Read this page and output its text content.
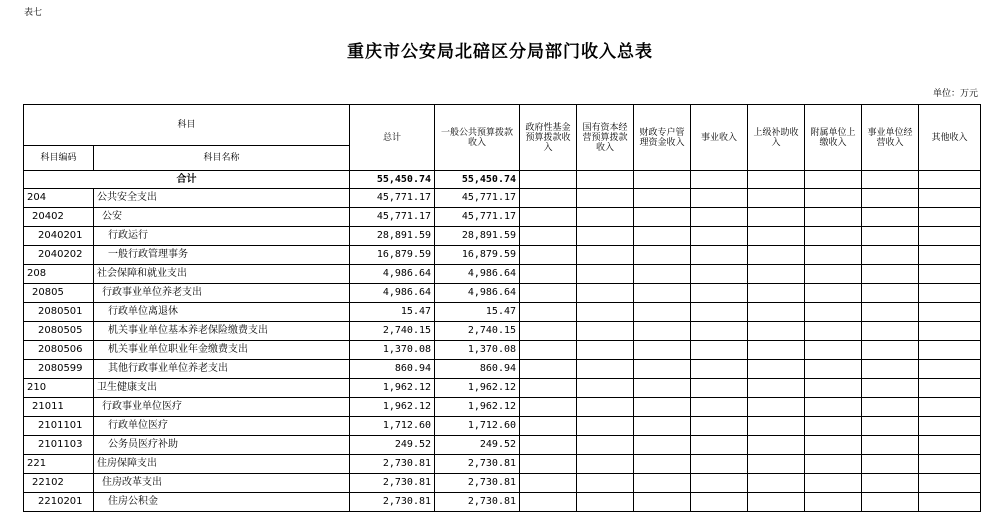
表七
重庆市公安局北碚区分局部门收入总表
单位：万元
科目		总计	一般公共预算拨款收入	政府性基金预算拨款收入	国有资本经营预算拨款收入	财政专户管理资金收入	事业收入	上级补助收入	附属单位上缴收入	事业单位经营收入	其他收入
科目编码	科目名称										
合计		55,450.74	55,450.74								
204	公共安全支出	45,771.17	45,771.17								
20402	公安	45,771.17	45,771.17								
2040201	行政运行	28,891.59	28,891.59								
2040202	一般行政管理事务	16,879.59	16,879.59								
208	社会保障和就业支出	4,986.64	4,986.64								
20805	行政事业单位养老支出	4,986.64	4,986.64								
2080501	行政单位离退休	15.47	15.47								
2080505	机关事业单位基本养老保险缴费支出	2,740.15	2,740.15								
2080506	机关事业单位职业年金缴费支出	1,370.08	1,370.08								
2080599	其他行政事业单位养老支出	860.94	860.94								
210	卫生健康支出	1,962.12	1,962.12								
21011	行政事业单位医疗	1,962.12	1,962.12								
2101101	行政单位医疗	1,712.60	1,712.60								
2101103	公务员医疗补助	249.52	249.52								
221	住房保障支出	2,730.81	2,730.81								
22102	住房改革支出	2,730.81	2,730.81								
2210201	住房公积金	2,730.81	2,730.81								
